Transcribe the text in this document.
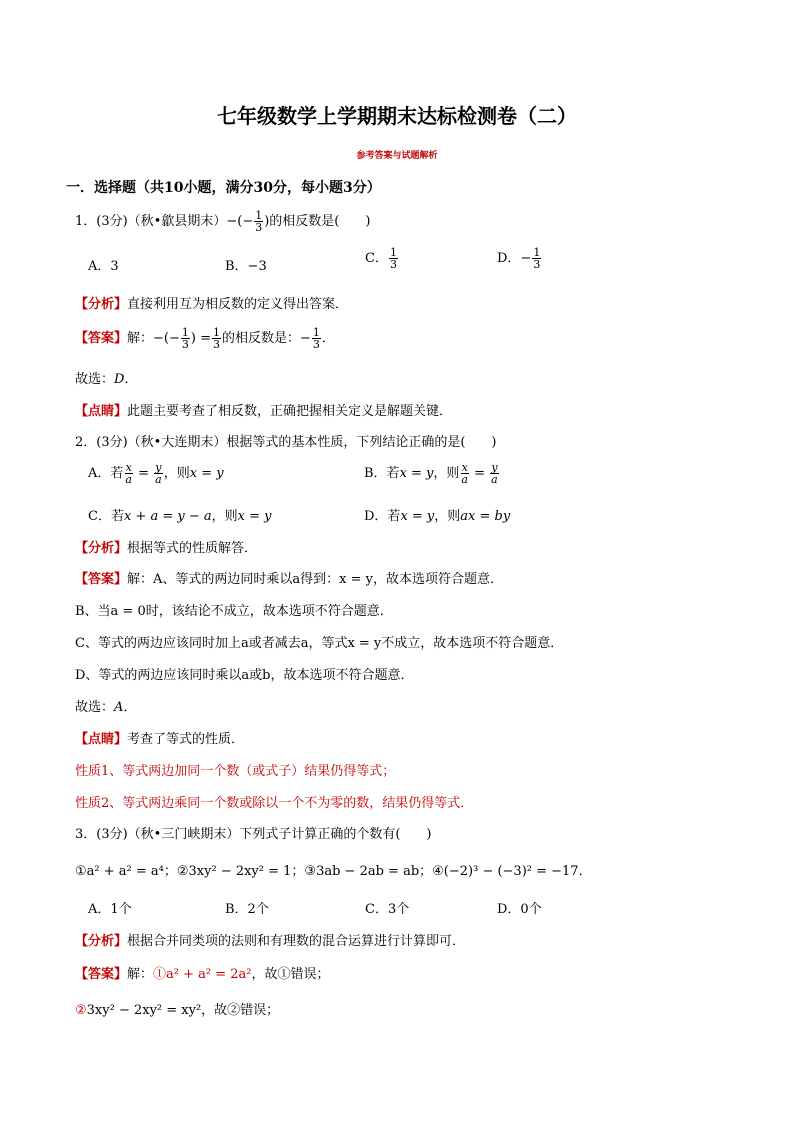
七年级数学上学期期末达标检测卷（二）
参考答案与试题解析
一．选择题（共10小题，满分30分，每小题3分）
1．(3分)（秋•歙县期末）−(− $\frac{1}{3}$ )的相反数是(　　)
A．3	B．−3
C． $\frac{1}{3}$	D．− $\frac{1}{3}$
【分析】直接利用互为相反数的定义得出答案．
【答案】解：−(− $\frac{1}{3}$ ) = $\frac{1}{3}$ 的相反数是：− $\frac{1}{3}$ ．
故选：D．
【点睛】此题主要考查了相反数，正确把握相关定义是解题关键．
2．(3分)（秋•大连期末）根据等式的基本性质，下列结论正确的是(　　)
A．若 $\frac{x}{a} = \frac{y}{a}$ ，则x = y	B．若x = y，则 $\frac{x}{a} = \frac{y}{a}$
C．若x + a = y − a，则x = y	D．若x = y，则ax = by
【分析】根据等式的性质解答．
【答案】解：A、等式的两边同时乘以a得到：x = y，故本选项符合题意．
B、当a = 0时，该结论不成立，故本选项不符合题意．
C、等式的两边应该同时加上a或者减去a，等式x = y不成立，故本选项不符合题意．
D、等式的两边应该同时乘以a或b，故本选项不符合题意．
故选：A．
【点睛】考查了等式的性质．
性质1、等式两边加同一个数（或式子）结果仍得等式；
性质2、等式两边乘同一个数或除以一个不为零的数，结果仍得等式．
3．(3分)（秋•三门峡期末）下列式子计算正确的个数有(　　)
①a² + a² = a⁴；②3xy² − 2xy² = 1；③3ab − 2ab = ab；④(−2)³ − (−3)² = −17．
A．1个	B．2个	C．3个	D．0个
【分析】根据合并同类项的法则和有理数的混合运算进行计算即可．
【答案】解：①a² + a² = 2a²，故①错误；
②3xy² − 2xy² = xy²，故②错误；
